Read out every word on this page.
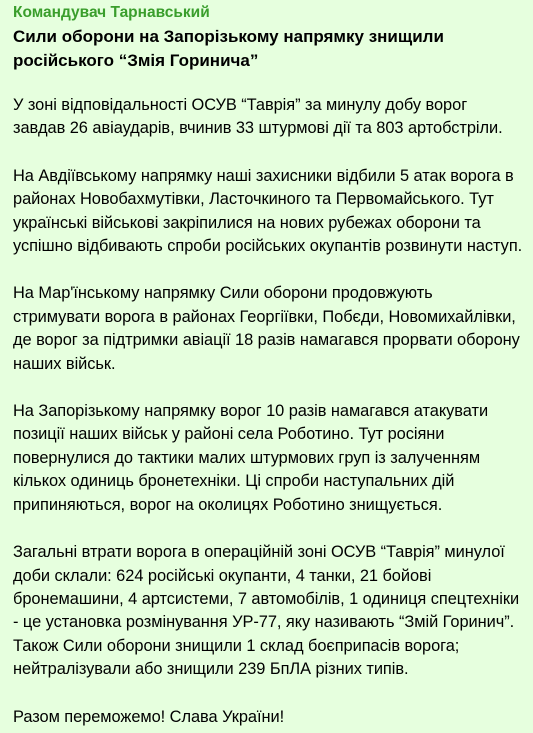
Командувач Тарнавський
Сили оборони на Запорізькому напрямку знищили російського “Змія Горинича”

У зоні відповідальності ОСУВ “Таврія” за минулу добу ворог завдав 26 авіаударів, вчинив 33 штурмові дії та 803 артобстріли.

На Авдіївському напрямку наші захисники відбили 5 атак ворога в районах Новобахмутівки, Ласточкиного та Первомайського. Тут українські військові закріпилися на нових рубежах оборони та успішно відбивають спроби російських окупантів розвинути наступ.

На Мар'їнському напрямку Сили оборони продовжують стримувати ворога в районах Георгіївки, Побєди, Новомихайлівки, де ворог за підтримки авіації 18 разів намагався прорвати оборону наших військ.

На Запорізькому напрямку ворог 10 разів намагався атакувати позиції наших військ у районі села Роботино. Тут росіяни повернулися до тактики малих штурмових груп із залученням кількох одиниць бронетехніки. Ці спроби наступальних дій припиняються, ворог на околицях Роботино знищується.

Загальні втрати ворога в операційній зоні ОСУВ “Таврія” минулої доби склали: 624 російські окупанти, 4 танки, 21 бойові бронемашини, 4 артсистеми, 7 автомобілів, 1 одиниця спецтехніки - це установка розмінування УР-77, яку називають “Змій Горинич”. Також Сили оборони знищили 1 склад боєприпасів ворога; нейтралізували або знищили 239 БпЛА різних типів.

Разом переможемо! Слава України!
